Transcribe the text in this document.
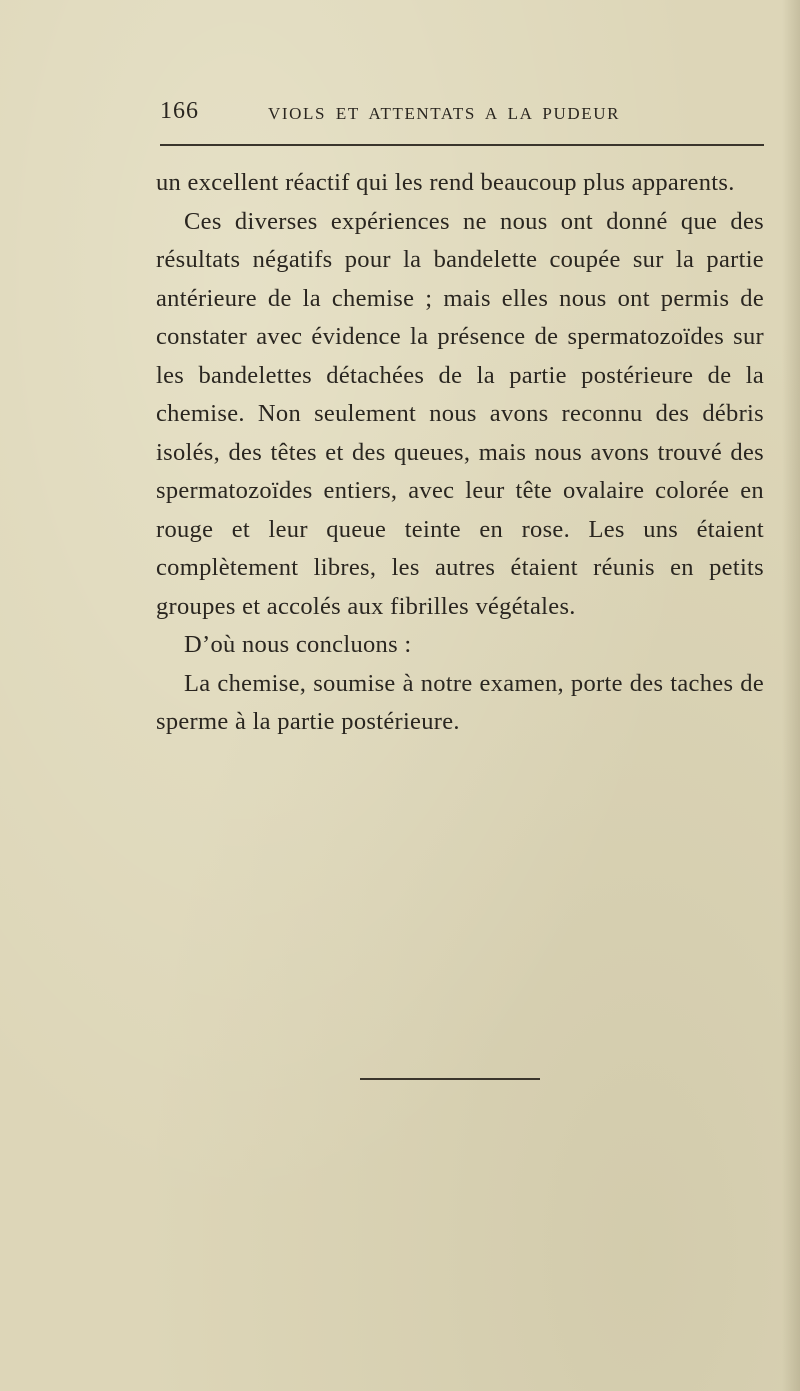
166	VIOLS ET ATTENTATS A LA PUDEUR

un excellent réactif qui les rend beaucoup plus apparents.

Ces diverses expériences ne nous ont donné que des résultats négatifs pour la bandelette coupée sur la partie antérieure de la chemise ; mais elles nous ont permis de constater avec évidence la présence de spermatozoïdes sur les bandelettes détachées de la partie postérieure de la chemise. Non seulement nous avons reconnu des débris isolés, des têtes et des queues, mais nous avons trouvé des spermatozoïdes entiers, avec leur tête ovalaire colorée en rouge et leur queue teinte en rose. Les uns étaient complètement libres, les autres étaient réunis en petits groupes et accolés aux fibrilles végétales.

D’où nous concluons :

La chemise, soumise à notre examen, porte des taches de sperme à la partie postérieure.
